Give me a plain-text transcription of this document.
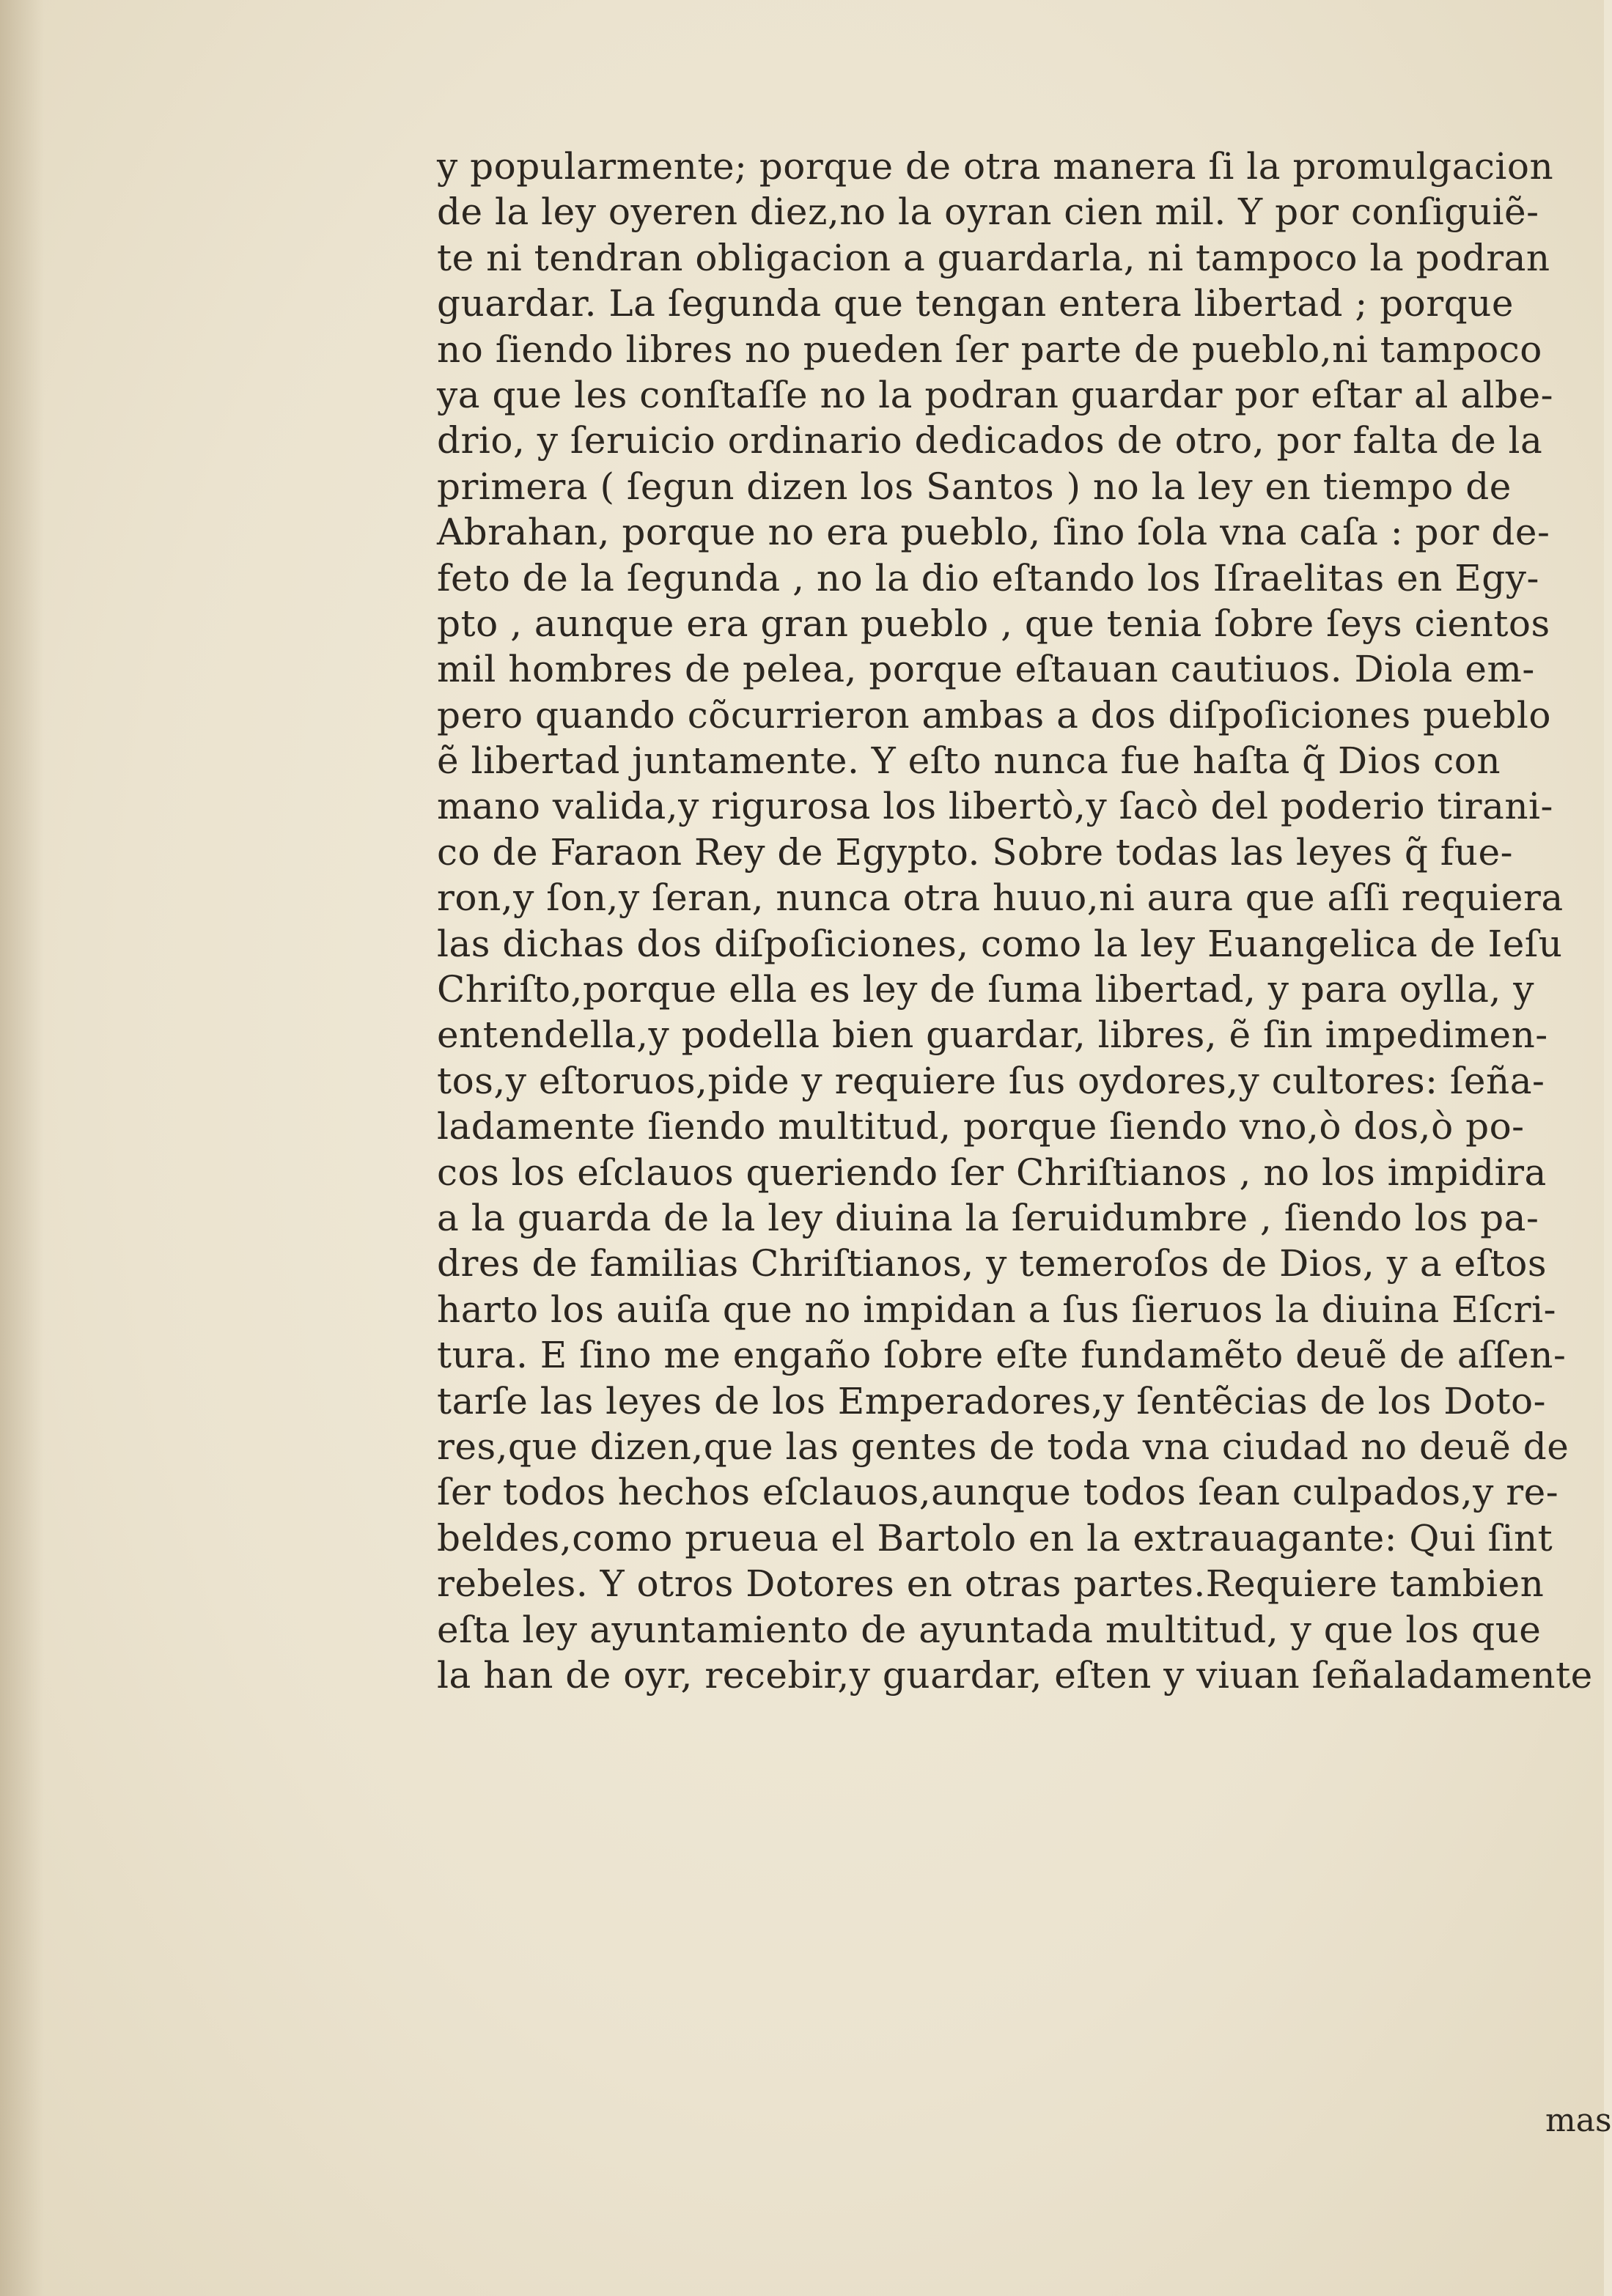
y popularmente; porque de otra manera ſi la promulgacion
de la ley oyeren diez,no la oyran cien mil. Y por conſiguiẽ-
te ni tendran obligacion a guardarla, ni tampoco la podran
guardar. La ſegunda que tengan entera libertad ; porque
no ſiendo libres no pueden ſer parte de pueblo,ni tampoco
ya que les conſtaſſe no la podran guardar por eſtar al albe-
drio, y ſeruicio ordinario dedicados de otro, por falta de la
primera ( ſegun dizen los Santos ) no la ley en tiempo de
Abrahan, porque no era pueblo, ſino ſola vna caſa : por de-
feto de la ſegunda , no la dio eſtando los Iſraelitas en Egy-
pto , aunque era gran pueblo , que tenia ſobre ſeys cientos
mil hombres de pelea, porque eſtauan cautiuos. Diola em-
pero quando cõcurrieron ambas a dos diſpoſiciones pueblo
ẽ libertad juntamente. Y eſto nunca fue haſta q̃ Dios con
mano valida,y rigurosa los libertò,y ſacò del poderio tirani-
co de Faraon Rey de Egypto. Sobre todas las leyes q̃ fue-
ron,y ſon,y ſeran, nunca otra huuo,ni aura que aſſi requiera
las dichas dos diſpoſiciones, como la ley Euangelica de Ieſu
Chriſto,porque ella es ley de ſuma libertad, y para oylla, y
entendella,y podella bien guardar, libres, ẽ ſin impedimen-
tos,y eſtoruos,pide y requiere ſus oydores,y cultores: ſeña-
ladamente ſiendo multitud, porque ſiendo vno,ò dos,ò po-
cos los eſclauos queriendo ſer Chriſtianos , no los impidira
a la guarda de la ley diuina la ſeruidumbre , ſiendo los pa-
dres de familias Chriſtianos, y temeroſos de Dios, y a eſtos
harto los auiſa que no impidan a ſus ſieruos la diuina Eſcri-
tura. E ſino me engaño ſobre eſte fundamẽto deuẽ de aſſen-
tarſe las leyes de los Emperadores,y ſentẽcias de los Doto-
res,que dizen,que las gentes de toda vna ciudad no deuẽ de
ſer todos hechos eſclauos,aunque todos ſean culpados,y re-
beldes,como prueua el Bartolo en la extrauagante: Qui ſint
rebeles. Y otros Dotores en otras partes.Requiere tambien
eſta ley ayuntamiento de ayuntada multitud, y que los que
la han de oyr, recebir,y guardar, eſten y viuan ſeñaladamente
mas
